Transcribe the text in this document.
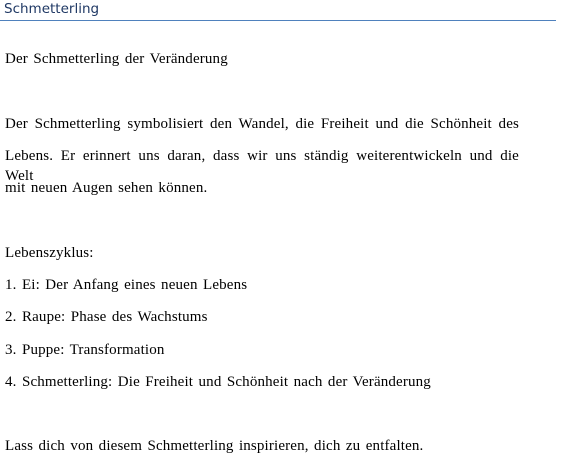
Schmetterling
Der Schmetterling der Veränderung
Der Schmetterling symbolisiert den Wandel, die Freiheit und die Schönheit des
Lebens. Er erinnert uns daran, dass wir uns ständig weiterentwickeln und die Welt
mit neuen Augen sehen können.
Lebenszyklus:
1. Ei: Der Anfang eines neuen Lebens
2. Raupe: Phase des Wachstums
3. Puppe: Transformation
4. Schmetterling: Die Freiheit und Schönheit nach der Veränderung
Lass dich von diesem Schmetterling inspirieren, dich zu entfalten.
